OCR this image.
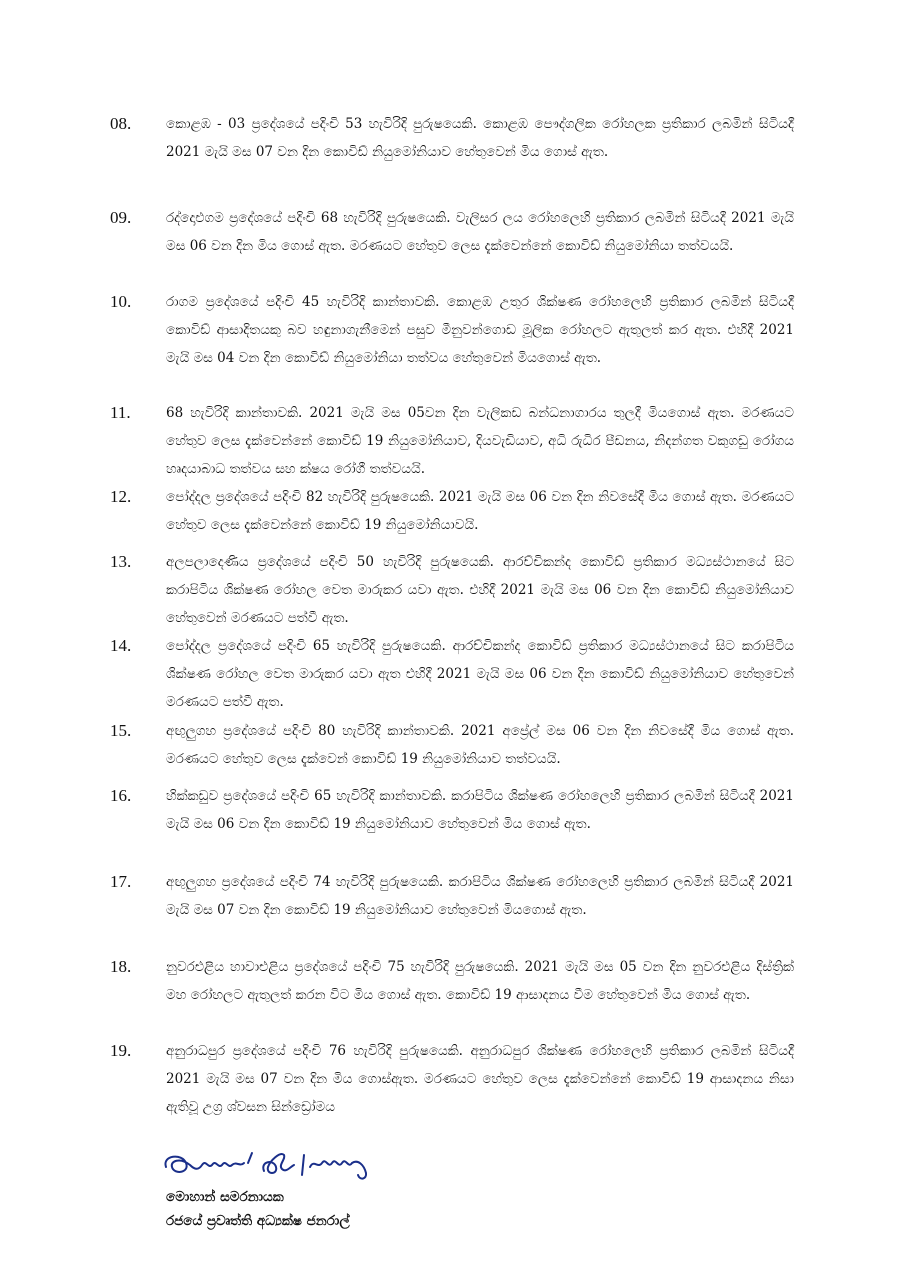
08.	කොළඹ - 03 ප්‍රදේශයේ පදිංචි 53 හැවිරිදි පුරුෂයෙකි. කොළඹ පෞද්ගලික රෝහලක ප්‍රතිකාර ලබමින් සිටියදී 2021 මැයි මස 07 වන දින කොවිඩ් නියුමෝනියාව හේතුවෙන් මිය ගොස් ඇත.
09.	රද්දොළුගම ප්‍රදේශයේ පදිංචි 68 හැවිරිදි පුරුෂයෙකි. වැලිසර ලය රෝහලෙහි ප්‍රතිකාර ලබමින් සිටියදී 2021 මැයි මස 06 වන දින මිය ගොස් ඇත. මරණයට හේතුව ලෙස දැක්වෙන්නේ කොවිඩ් නියුමෝනියා තත්වයයි.
10.	රාගම ප්‍රදේශයේ පදිංචි 45 හැවිරිදි කාන්තාවකි. කොළඹ උතුර ශික්ෂණ රෝහලෙහි ප්‍රතිකාර ලබමින් සිටියදී කොවිඩ් ආසාදිතයකු බව හඳුනාගැනීමෙන් පසුව මීනුවන්ගොඩ මූලික රෝහලට ඇතුලත් කර ඇත. එහිදී 2021 මැයි මස 04 වන දින කොවිඩ් නියුමෝනියා තත්වය හේතුවෙන් මියගොස් ඇත.
11.	68 හැවිරිදි කාන්තාවකි. 2021 මැයි මස 05වන දින වැලිකඩ බන්ධනාගාරය තුලදී මියගොස් ඇත. මරණයට හේතුව ලෙස දැක්වෙන්නේ කොවිඩ් 19 නියුමෝනියාව, දියවැඩියාව, අධි රුධිර පීඩනය, නිදන්ගත වකුගඩු රෝගය හෘදයාබාධ තත්වය සහ ක්ෂය රෝගී තත්වයයි.
12.	පෝද්දල ප්‍රදේශයේ පදිංචි 82 හැවිරිදි පුරුෂයෙකි. 2021 මැයි මස 06 වන දින නිවසේදී මිය ගොස් ඇත. මරණයට හේතුව ලෙස දැක්වෙන්නේ කොවිඩ් 19 නියුමෝනියාවයි.
13.	අලපලාදෙණිය ප්‍රදේශයේ පදිංචි 50 හැවිරිදි පුරුෂයෙකි. ආරච්චිකන්ද කොවිඩ් ප්‍රතිකාර මධ්‍යස්ථානයේ සිට කරාපිටිය ශික්ෂණ රෝහල වෙත මාරුකර යවා ඇත. එහිදී 2021 මැයි මස 06 වන දින කොවිඩ් නියුමෝනියාව හේතුවෙන් මරණයට පත්වී ඇත.
14.	පෝද්දල ප්‍රදේශයේ පදිංචි 65 හැවිරිදි පුරුෂයෙකි. ආරච්චිකන්ද කොවිඩ් ප්‍රතිකාර මධ්‍යස්ථානයේ සිට කරාපිටිය ශික්ෂණ රෝහල වෙත මාරුකර යවා ඇත එහිදී 2021 මැයි මස 06 වන දින කොවිඩ් නියුමෝනියාව හේතුවෙන් මරණයට පත්වී ඇත.
15.	අඟුලුගහ ප්‍රදේශයේ පදිංචි 80 හැවිරිදි කාන්තාවකි. 2021 අප්‍රේල් මස 06 වන දින නිවසේදී මිය ගොස් ඇත. මරණයට හේතුව ලෙස දැක්වෙන් කොවිඩ් 19 නියුමෝනියාව තත්වයයි.
16.	හික්කඩුව ප්‍රදේශයේ පදිංචි 65 හැවිරිදි කාන්තාවකි. කරාපිටිය ශික්ෂණ රෝහලෙහි ප්‍රතිකාර ලබමින් සිටියදී 2021 මැයි මස 06 වන දින කොවිඩ් 19 නියුමෝනියාව හේතුවෙන් මිය ගොස් ඇත.
17.	අඟුලුගහ ප්‍රදේශයේ පදිංචි 74 හැවිරිදි පුරුෂයෙකි. කරාපිටිය ශික්ෂණ රෝහලෙහි ප්‍රතිකාර ලබමින් සිටියදී 2021 මැයි මස 07 වන දින කොවිඩ් 19 නියුමෝනියාව හේතුවෙන් මියගොස් ඇත.
18.	නුවරඑළිය හාවාඑළිය ප්‍රදේශයේ පදිංචි 75 හැවිරිදි පුරුෂයෙකි. 2021 මැයි මස 05 වන දින නුවරඑළිය දිස්ත්‍රික් මහ රෝහලට ඇතුලත් කරන විට මිය ගොස් ඇත. කොවිඩ් 19 ආසාදනය වීම හේතුවෙන් මිය ගොස් ඇත.
19.	අනුරාධපුර ප්‍රදේශයේ පදිංචි 76 හැවිරිදි පුරුෂයෙකි. අනුරාධපුර ශික්ෂණ රෝහලෙහි ප්‍රතිකාර ලබමින් සිටියදී 2021 මැයි මස 07 වන දින මිය ගොස්ඇත. මරණයට හේතුව ලෙස දැක්වෙන්නේ කොවිඩ් 19 ආසාදනය නිසා ඇතිවූ උග්‍ර ශ්වසන සින්ඩ්‍රෝමය
මොහාන් සමරනායක
රජයේ ප්‍රවෘත්ති අධ්‍යක්ෂ ජනරාල්
